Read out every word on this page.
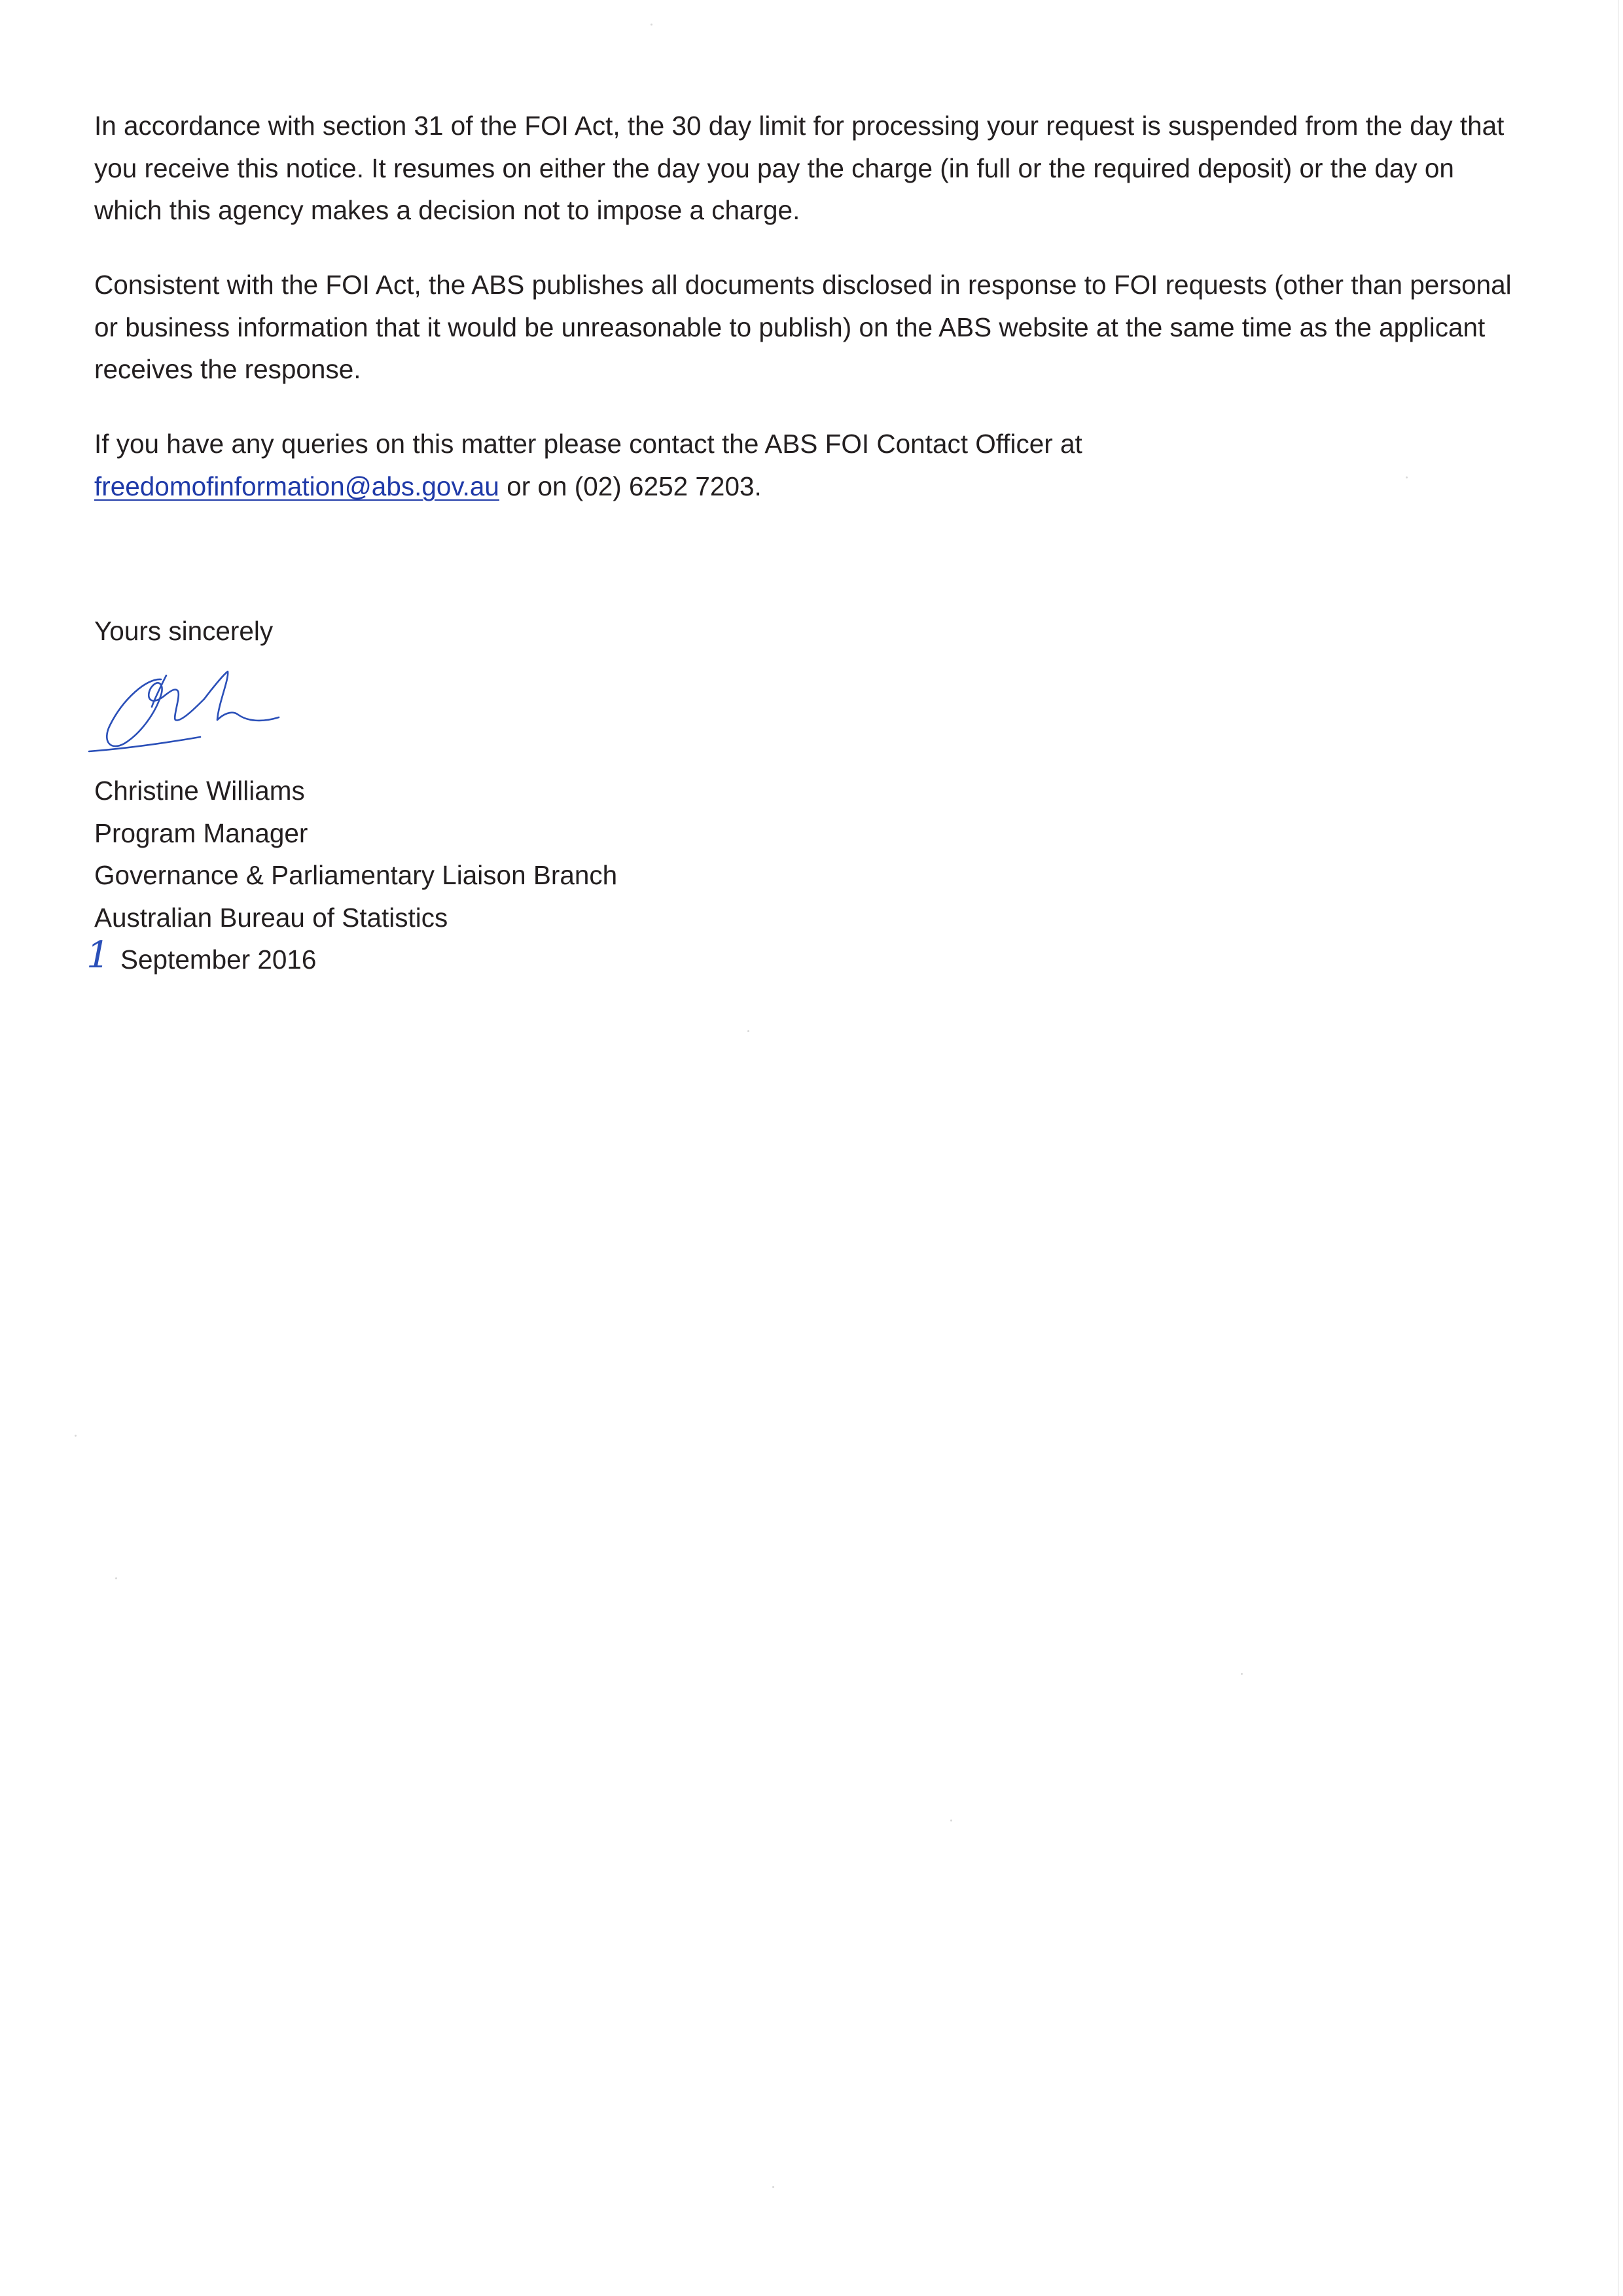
In accordance with section 31 of the FOI Act, the 30 day limit for processing your request is suspended from the day that you receive this notice. It resumes on either the day you pay the charge (in full or the required deposit) or the day on which this agency makes a decision not to impose a charge.

Consistent with the FOI Act, the ABS publishes all documents disclosed in response to FOI requests (other than personal or business information that it would be unreasonable to publish) on the ABS website at the same time as the applicant receives the response.

If you have any queries on this matter please contact the ABS FOI Contact Officer at
freedomofinformation@abs.gov.au or on (02) 6252 7203.

Yours sincerely

Christine Williams
Program Manager
Governance & Parliamentary Liaison Branch
Australian Bureau of Statistics
1 September 2016
